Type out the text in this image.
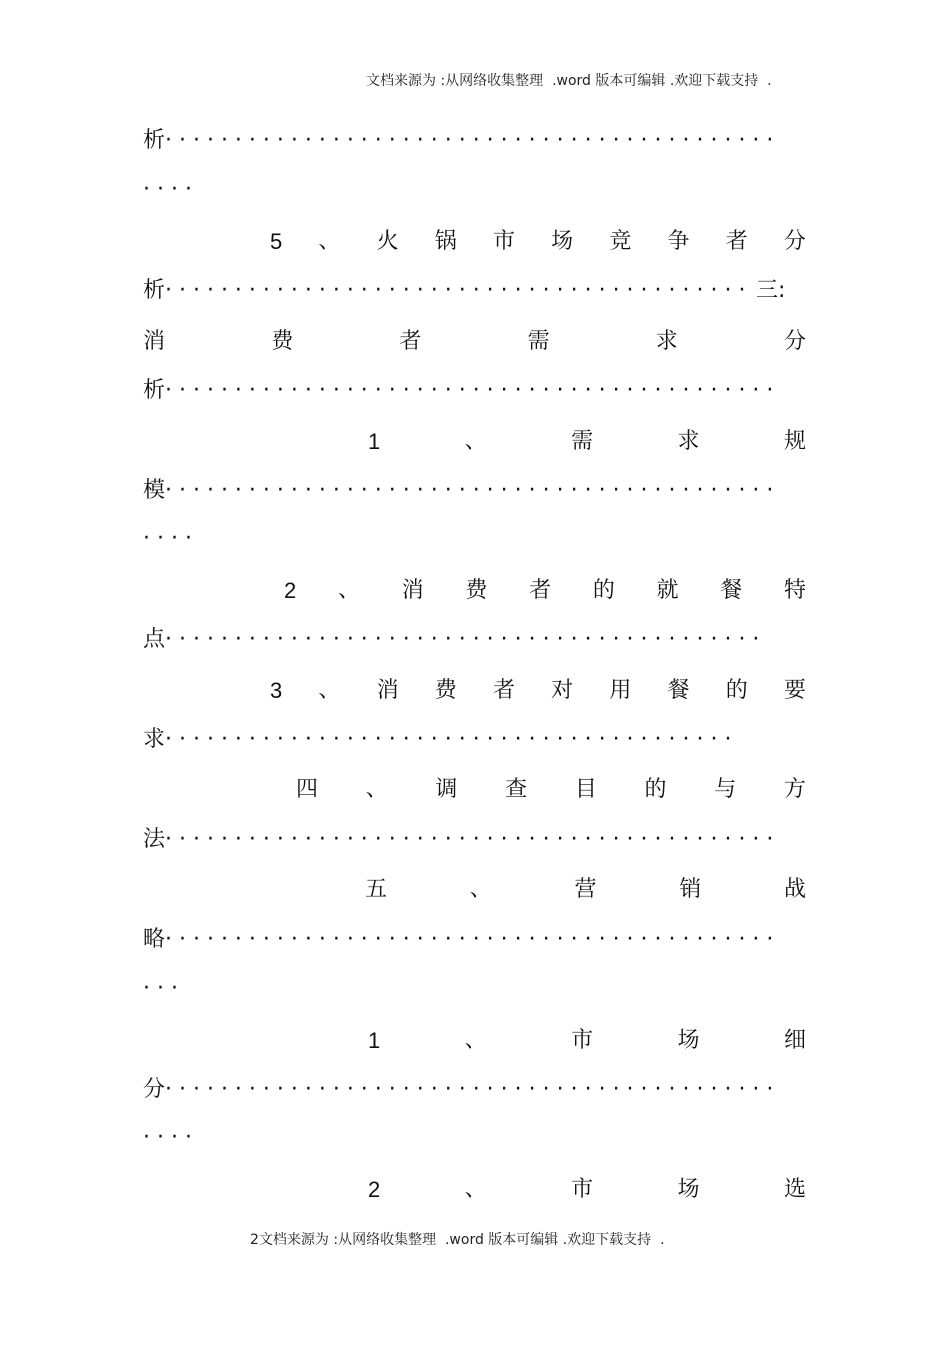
文档来源为 :从网络收集整理  .word 版本可编辑 .欢迎下载支持  .
析· · · · · · · · · · · · · · · · · · · · · · · · · · · · · · · · · · · · · · · · · · · ·
· · · ·
5 、 火 锅 市 场 竞 争 者 分
析· · · · · · · · · · · · · · · · · · · · · · · · · · · · · · · · · · · · · · · · · · 三:
消	费	者	需	求	分
析· · · · · · · · · · · · · · · · · · · · · · · · · · · · · · · · · · · · · · · · · · · ·
1	、	需	求	规
模· · · · · · · · · · · · · · · · · · · · · · · · · · · · · · · · · · · · · · · · · · · ·
· · · ·
2 、 消 费 者 的 就 餐 特
点· · · · · · · · · · · · · · · · · · · · · · · · · · · · · · · · · · · · · · · · · · ·
3 、 消 费 者 对 用 餐 的 要
求· · · · · · · · · · · · · · · · · · · · · · · · · · · · · · · · · · · · · · · · ·
四 、 调 查 目 的 与 方
法· · · · · · · · · · · · · · · · · · · · · · · · · · · · · · · · · · · · · · · · · · · ·
五	、	营	销	战
略· · · · · · · · · · · · · · · · · · · · · · · · · · · · · · · · · · · · · · · · · · · ·
· · ·
1	、	市	场	细
分· · · · · · · · · · · · · · · · · · · · · · · · · · · · · · · · · · · · · · · · · · · ·
· · · ·
2	、	市	场	选
2文档来源为 :从网络收集整理  .word 版本可编辑 .欢迎下载支持  .
